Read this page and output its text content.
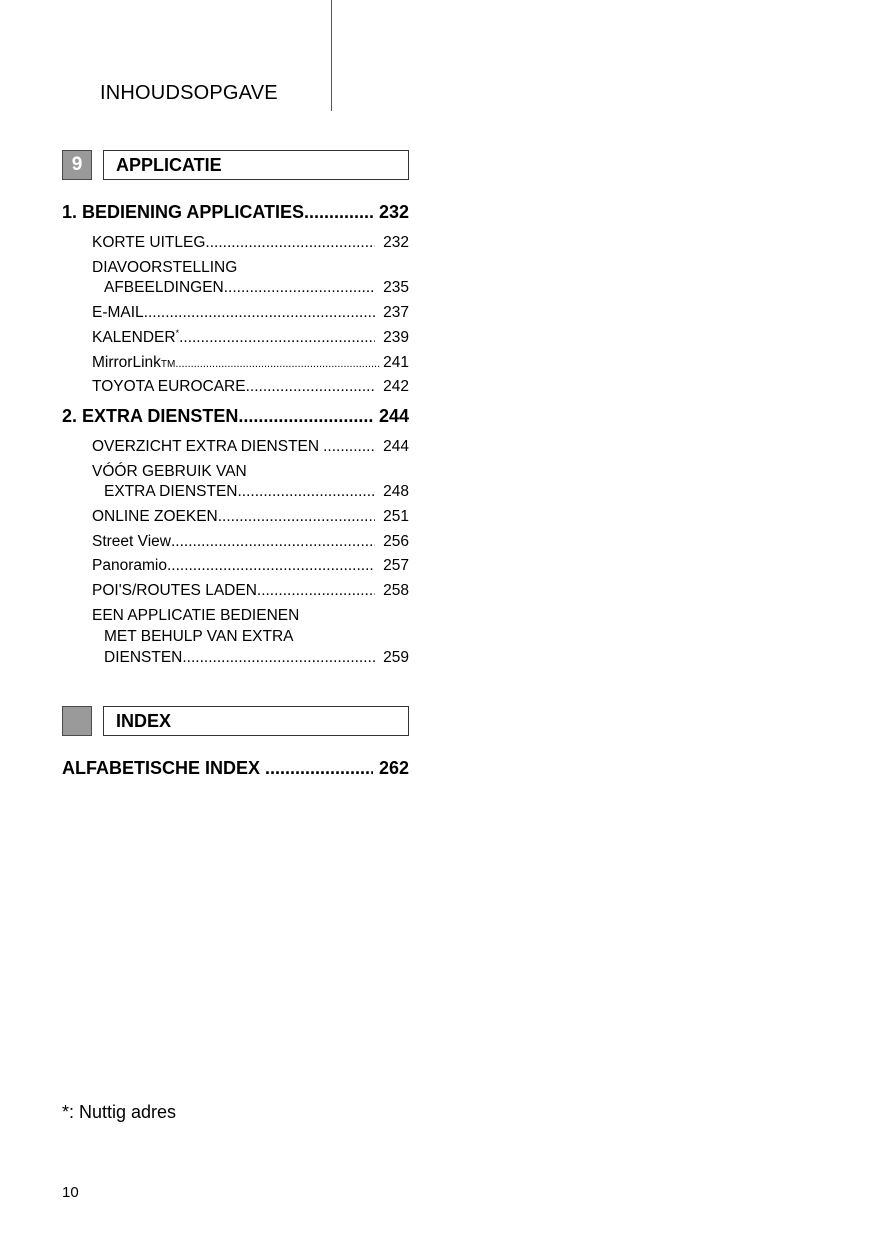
INHOUDSOPGAVE
9	APPLICATIE
1. BEDIENING APPLICATIES .....	232
KORTE UITLEG .....	232
DIAVOORSTELLING
AFBEELDINGEN .....	235
E-MAIL .....	237
KALENDER* .....	239
MirrorLinkTM .....	241
TOYOTA EUROCARE .....	242
2. EXTRA DIENSTEN .....	244
OVERZICHT EXTRA DIENSTEN .....	244
VÓÓR GEBRUIK VAN
EXTRA DIENSTEN .....	248
ONLINE ZOEKEN .....	251
Street View .....	256
Panoramio .....	257
POI'S/ROUTES LADEN .....	258
EEN APPLICATIE BEDIENEN
MET BEHULP VAN EXTRA
DIENSTEN .....	259
INDEX
ALFABETISCHE INDEX .....	262
*: Nuttig adres
10
